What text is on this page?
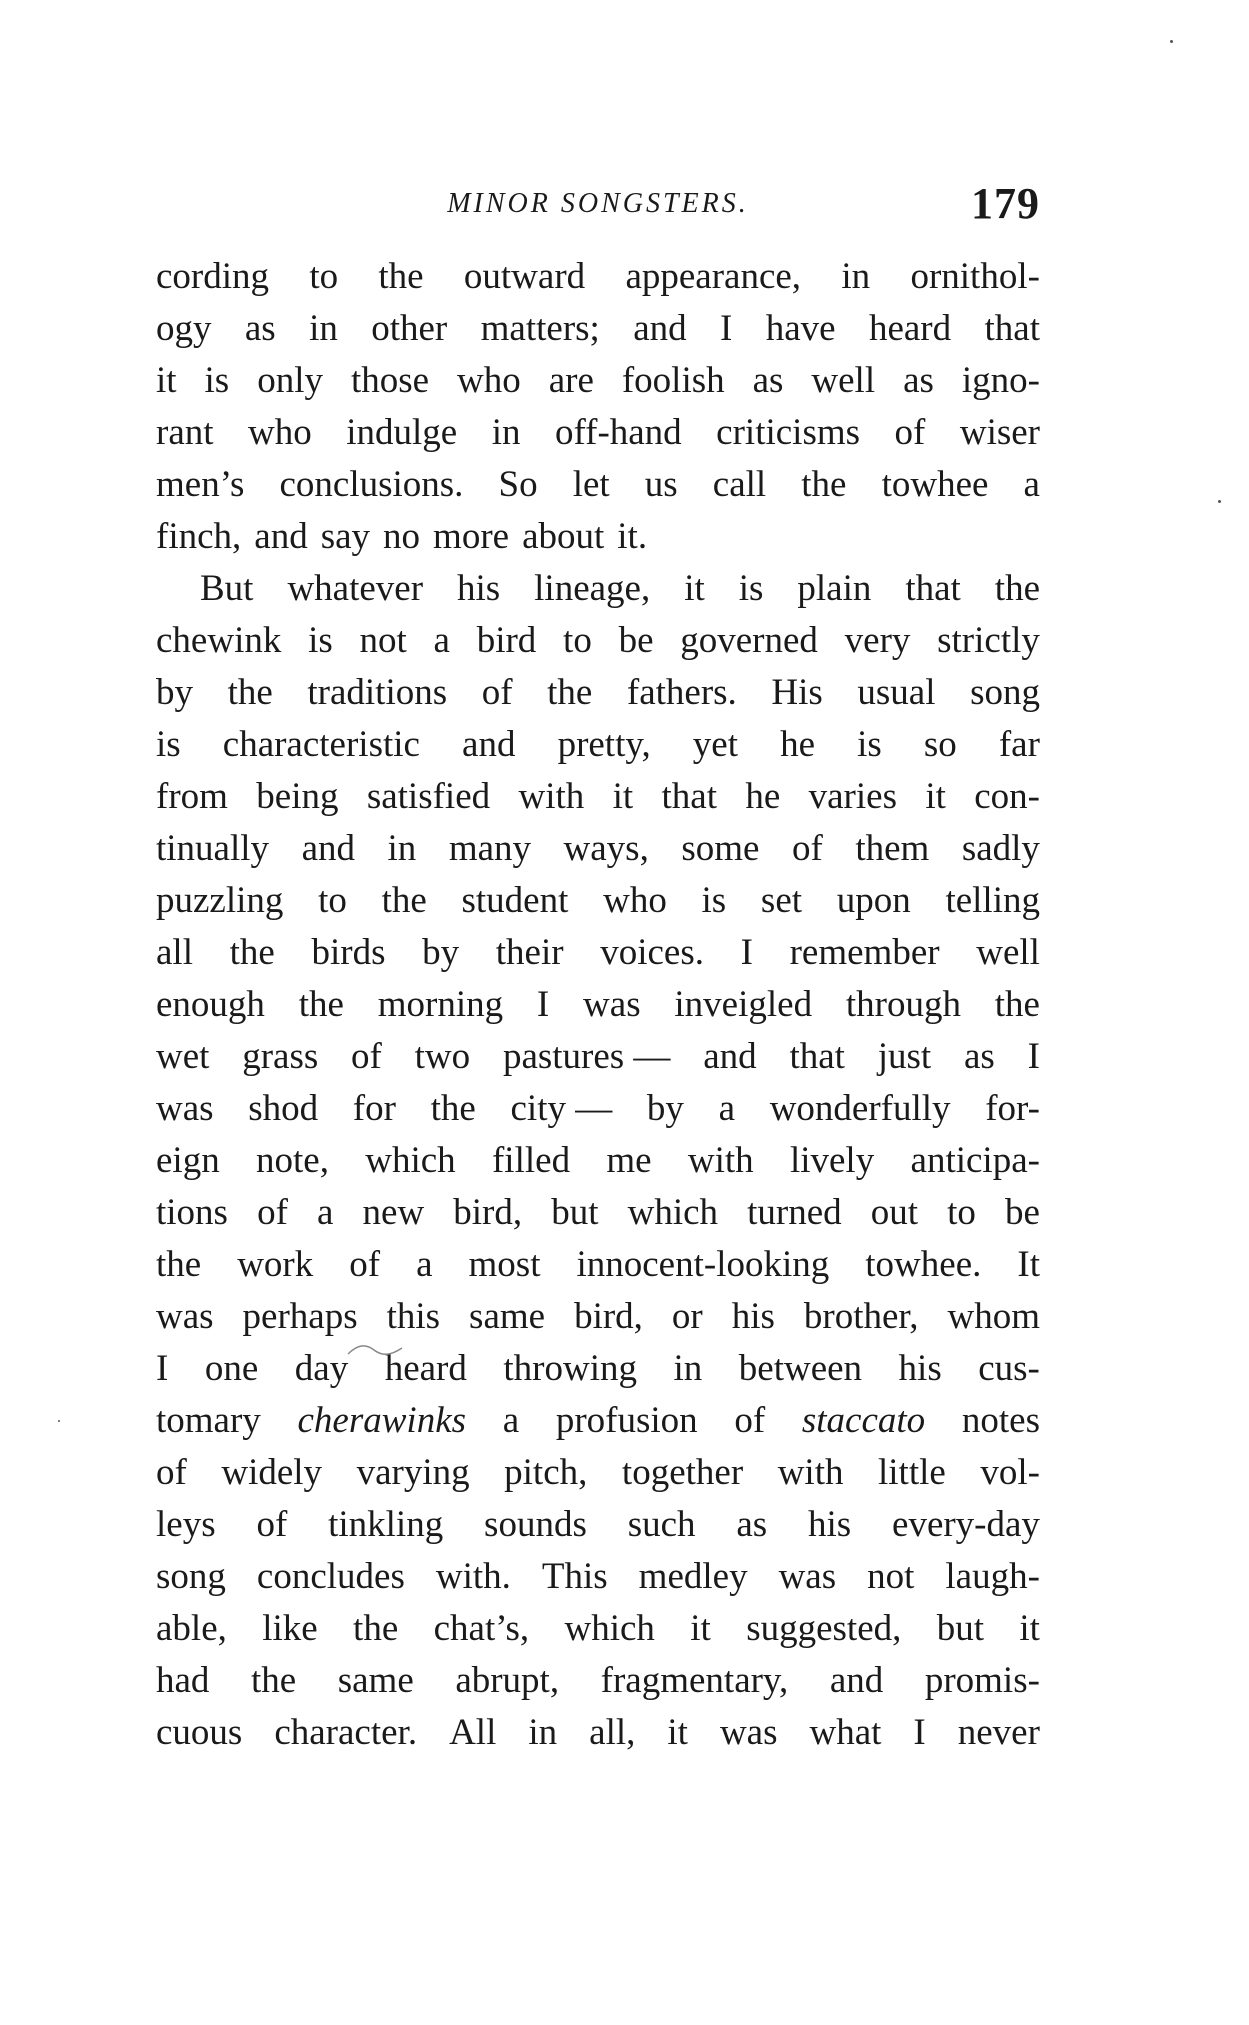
MINOR SONGSTERS.	179
cording to the outward appearance, in ornithol-
ogy as in other matters; and I have heard that
it is only those who are foolish as well as igno-
rant who indulge in off-hand criticisms of wiser
men’s conclusions. So let us call the towhee a
finch, and say no more about it.
But whatever his lineage, it is plain that the
chewink is not a bird to be governed very strictly
by the traditions of the fathers. His usual song
is characteristic and pretty, yet he is so far
from being satisfied with it that he varies it con-
tinually and in many ways, some of them sadly
puzzling to the student who is set upon telling
all the birds by their voices. I remember well
enough the morning I was inveigled through the
wet grass of two pastures — and that just as I
was shod for the city — by a wonderfully for-
eign note, which filled me with lively anticipa-
tions of a new bird, but which turned out to be
the work of a most innocent-looking towhee. It
was perhaps this same bird, or his brother, whom
I one day heard throwing in between his cus-
tomary cherawinks a profusion of staccato notes
of widely varying pitch, together with little vol-
leys of tinkling sounds such as his every-day
song concludes with. This medley was not laugh-
able, like the chat’s, which it suggested, but it
had the same abrupt, fragmentary, and promis-
cuous character. All in all, it was what I never
